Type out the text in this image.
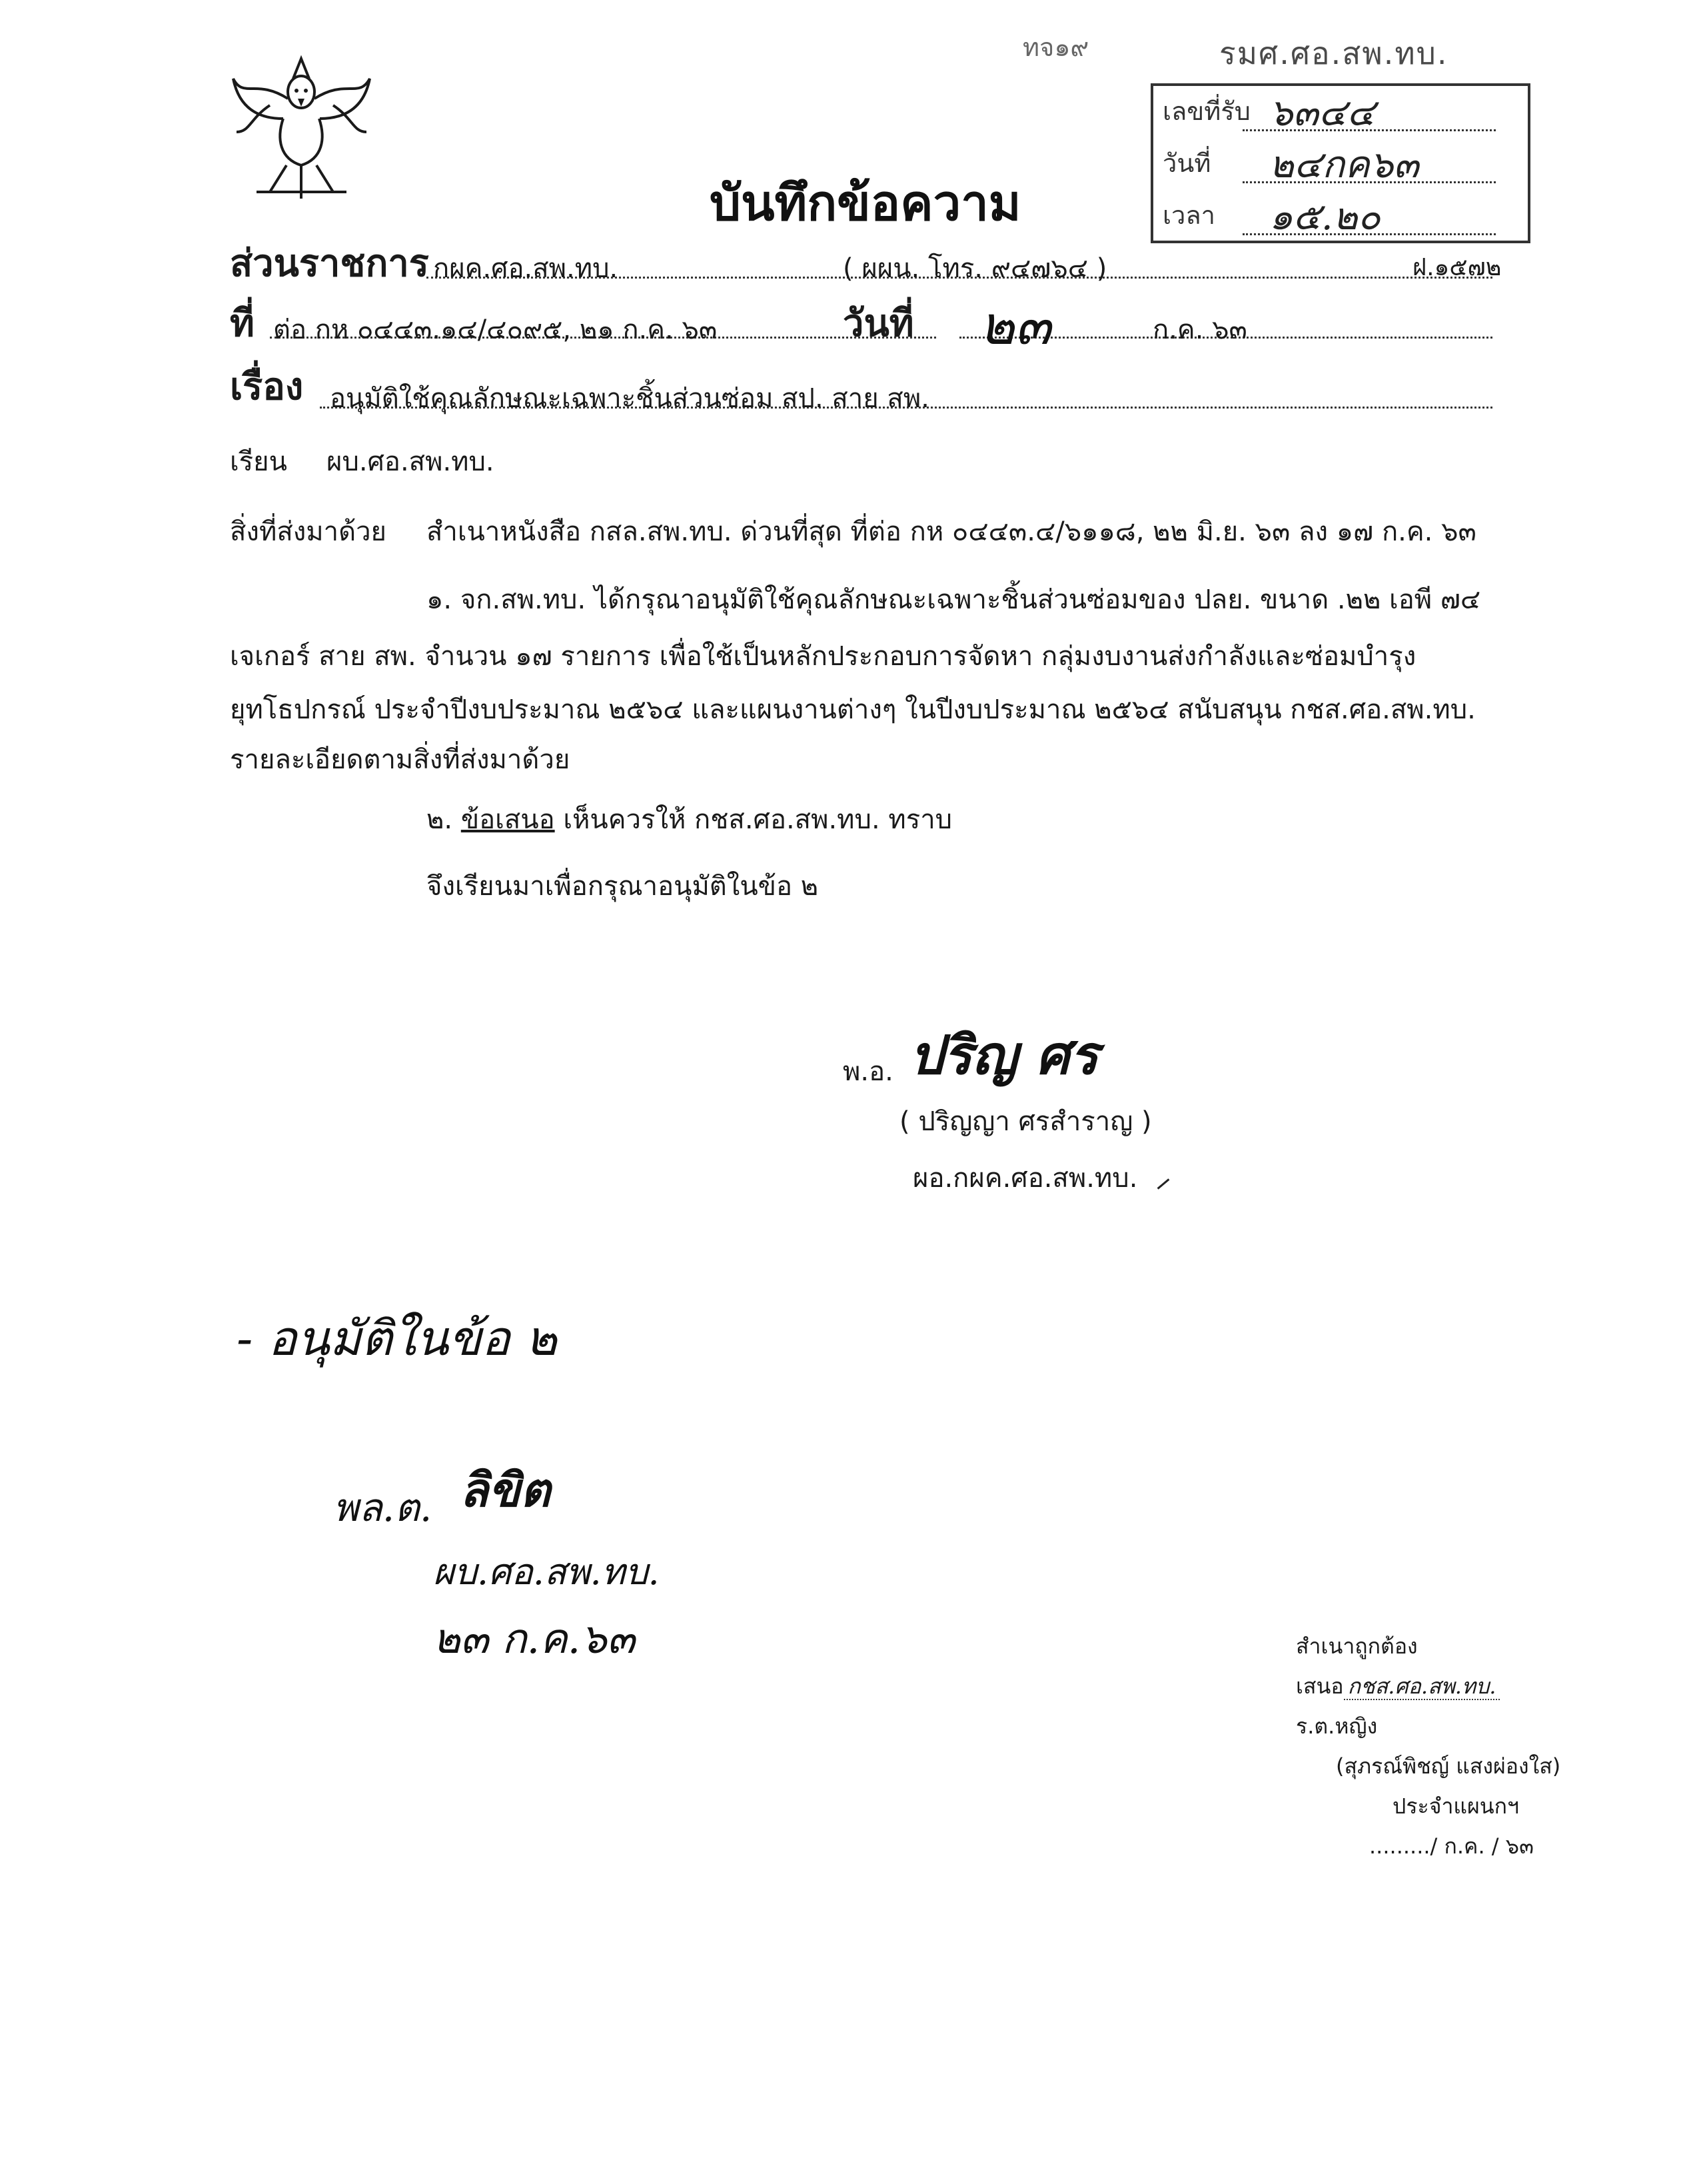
ทจ๑๙	รมศ.ศอ.สพ.ทบ.
เลขที่รับ ๖๓๔๔
วันที่	๒๔กค๖๓
เวลา	๑๕.๒๐
บันทึกข้อความ
ส่วนราชการ กผค.ศอ.สพ.ทบ.	( ผผน. โทร. ๙๔๗๖๔ )	ฝ.๑๕๗๒
ที่ ต่อ กห ๐๔๔๓.๑๔/๔๐๙๕, ๒๑ ก.ค. ๖๓	วันที่ ๒๓	ก.ค. ๖๓
เรื่อง อนุมัติใช้คุณลักษณะเฉพาะชิ้นส่วนซ่อม สป. สาย สพ.
เรียน ผบ.ศอ.สพ.ทบ.
สิ่งที่ส่งมาด้วย สำเนาหนังสือ กสล.สพ.ทบ. ด่วนที่สุด ที่ต่อ กห ๐๔๔๓.๔/๖๑๑๘, ๒๒ มิ.ย. ๖๓ ลง ๑๗ ก.ค. ๖๓
๑. จก.สพ.ทบ. ได้กรุณาอนุมัติใช้คุณลักษณะเฉพาะชิ้นส่วนซ่อมของ ปลย. ขนาด .๒๒ เอพี ๗๔
เจเกอร์ สาย สพ. จำนวน ๑๗ รายการ เพื่อใช้เป็นหลักประกอบการจัดหา กลุ่มงบงานส่งกำลังและซ่อมบำรุง
ยุทโธปกรณ์ ประจำปีงบประมาณ ๒๕๖๔ และแผนงานต่างๆ ในปีงบประมาณ ๒๕๖๔ สนับสนุน กชส.ศอ.สพ.ทบ.
รายละเอียดตามสิ่งที่ส่งมาด้วย
๒. ข้อเสนอ เห็นควรให้ กชส.ศอ.สพ.ทบ. ทราบ
จึงเรียนมาเพื่อกรุณาอนุมัติในข้อ ๒
พ.อ. ปริญ ศร
( ปริญญา ศรสำราญ )
ผอ.กผค.ศอ.สพ.ทบ.
- อนุมัติในข้อ ๒
พล.ต. ลิขิต
ผบ.ศอ.สพ.ทบ.
๒๓ ก.ค.๖๓	สำเนาถูกต้อง
เสนอ กชส.ศอ.สพ.ทบ.
ร.ต.หญิง
(สุภรณ์พิชญ์ แสงผ่องใส)
ประจำแผนกฯ
........./ ก.ค. / ๖๓
